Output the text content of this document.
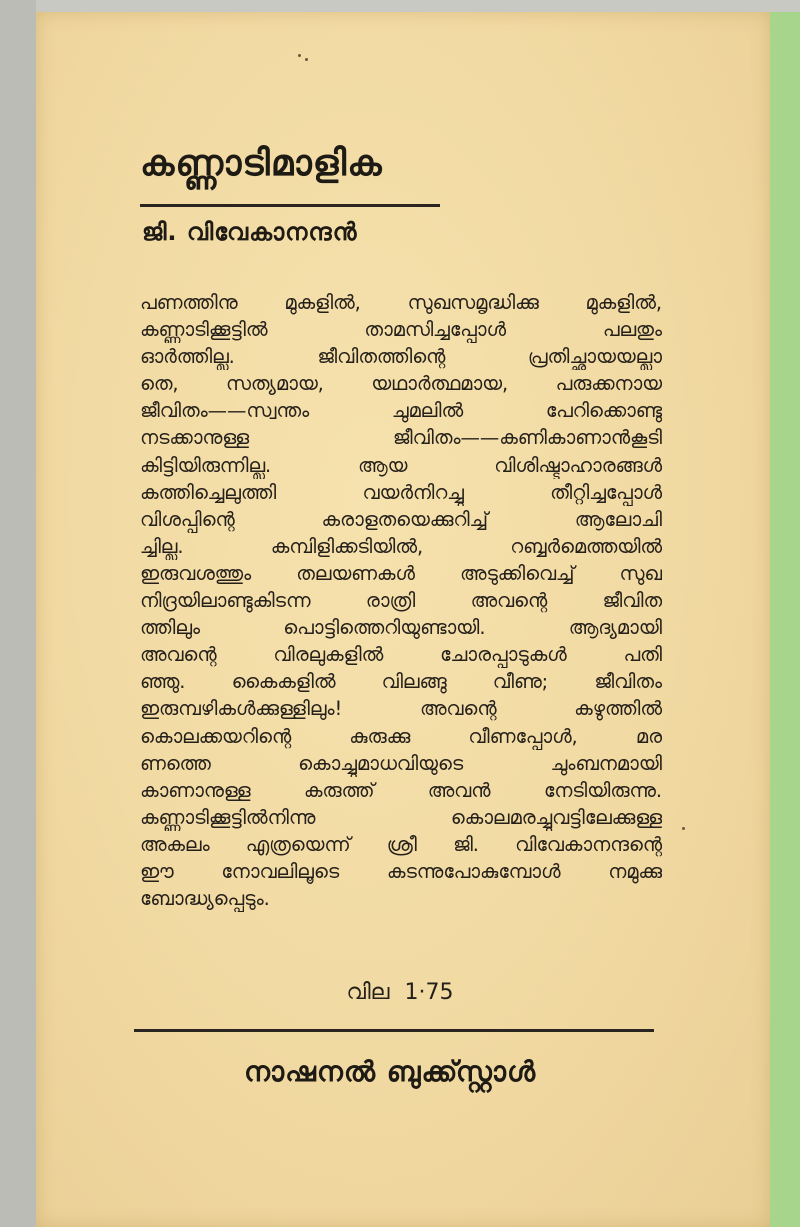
കണ്ണാടിമാളിക
ജി. വിവേകാനന്ദൻ
പണത്തിനു മുകളിൽ, സുഖസമൃദ്ധിക്കു മുകളിൽ,
കണ്ണാടിക്കൂട്ടിൽ താമസിച്ചപ്പോൾ പലതും
ഓർത്തില്ല. ജീവിതത്തിന്റെ പ്രതിച്ഛായയല്ലാ
തെ, സത്യമായ, യഥാർത്ഥമായ, പരുക്കനായ
ജീവിതം——സ്വന്തം ചുമലിൽ പേറിക്കൊണ്ടു
നടക്കാനുള്ള ജീവിതം——കണികാണാൻകൂടി
കിട്ടിയിരുന്നില്ല. ആയ വിശിഷ്ടാഹാരങ്ങൾ
കത്തിച്ചെലുത്തി വയർനിറച്ചു തീറ്റിച്ചപ്പോൾ
വിശപ്പിന്റെ കരാളതയെക്കുറിച്ച് ആലോചി
ച്ചില്ല. കമ്പിളിക്കടിയിൽ, റബ്ബർമെത്തയിൽ
ഇരുവശത്തും തലയണകൾ അടുക്കിവെച്ച് സുഖ
നിദ്രയിലാണ്ടുകിടന്ന രാത്രി അവന്റെ ജീവിത
ത്തിലും പൊട്ടിത്തെറിയുണ്ടായി. ആദ്യമായി
അവന്റെ വിരലുകളിൽ ചോരപ്പാടുകൾ പതി
ഞ്ഞു. കൈകളിൽ വിലങ്ങു വീണു; ജീവിതം
ഇരുമ്പഴികൾക്കുള്ളിലും! അവന്റെ കഴുത്തിൽ
കൊലക്കയറിന്റെ കുരുക്കു വീണപ്പോൾ, മര
ണത്തെ കൊച്ചുമാധവിയുടെ ചുംബനമായി
കാണാനുള്ള കരുത്ത് അവൻ നേടിയിരുന്നു.
കണ്ണാടിക്കൂട്ടിൽനിന്നു കൊലമരച്ചുവട്ടിലേക്കുള്ള
അകലം എത്രയെന്ന് ശ്രീ ജി. വിവേകാനന്ദന്റെ
ഈ നോവലിലൂടെ കടന്നുപോകുമ്പോൾ നമുക്കു
ബോദ്ധ്യപ്പെടും.
വില 1·75
നാഷനൽ ബുക്ക്സ്റ്റാൾ
